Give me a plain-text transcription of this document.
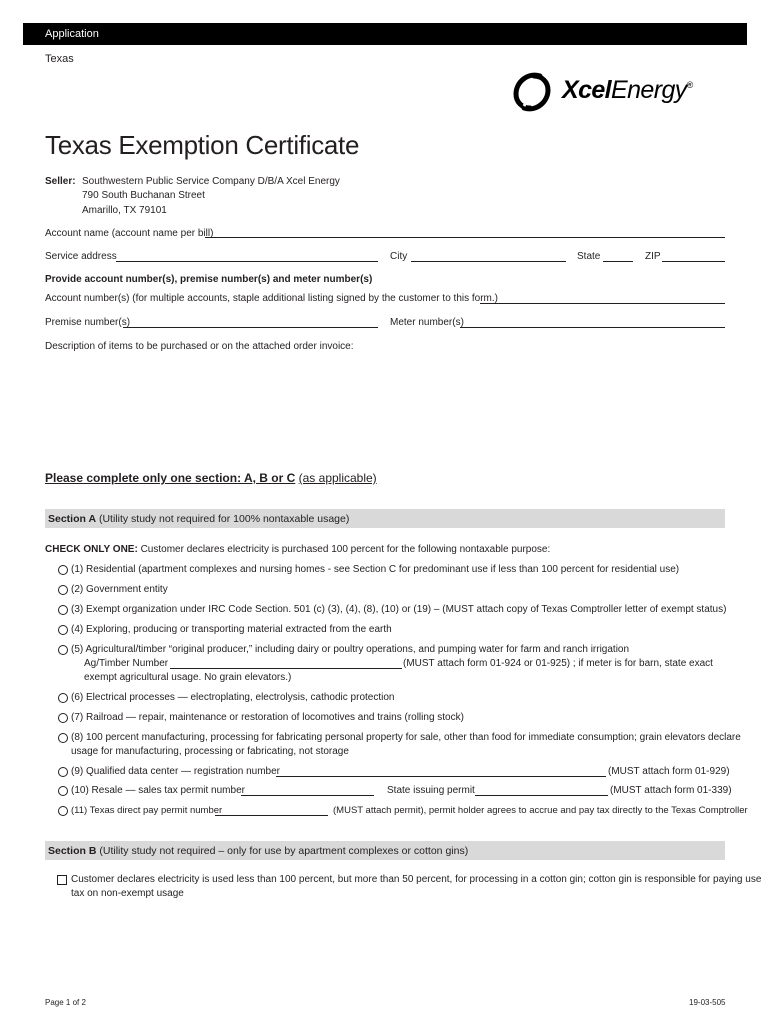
Application
Texas
XcelEnergy®
Texas Exemption Certificate
Seller: Southwestern Public Service Company D/B/A Xcel Energy
790 South Buchanan Street
Amarillo, TX 79101
Account name (account name per bill)
Service address	City	State	ZIP
Provide account number(s), premise number(s) and meter number(s)
Account number(s) (for multiple accounts, staple additional listing signed by the customer to this form.)
Premise number(s)	Meter number(s)
Description of items to be purchased or on the attached order invoice:
Please complete only one section: A, B or C (as applicable)
Section A (Utility study not required for 100% nontaxable usage)
CHECK ONLY ONE: Customer declares electricity is purchased 100 percent for the following nontaxable purpose:
(1) Residential (apartment complexes and nursing homes - see Section C for predominant use if less than 100 percent for residential use)
(2) Government entity
(3) Exempt organization under IRC Code Section. 501 (c) (3), (4), (8), (10) or (19) – (MUST attach copy of Texas Comptroller letter of exempt status)
(4) Exploring, producing or transporting material extracted from the earth
(5) Agricultural/timber “original producer,” including dairy or poultry operations, and pumping water for farm and ranch irrigation
Ag/Timber Number	(MUST attach form 01-924 or 01-925) ; if meter is for barn, state exact
exempt agricultural usage. No grain elevators.)
(6) Electrical processes — electroplating, electrolysis, cathodic protection
(7) Railroad — repair, maintenance or restoration of locomotives and trains (rolling stock)
(8) 100 percent manufacturing, processing for fabricating personal property for sale, other than food for immediate consumption; grain elevators declare
usage for manufacturing, processing or fabricating, not storage
(9) Qualified data center — registration number	(MUST attach form 01-929)
(10) Resale — sales tax permit number	State issuing permit	(MUST attach form 01-339)
(11) Texas direct pay permit number	(MUST attach permit), permit holder agrees to accrue and pay tax directly to the Texas Comptroller
Section B (Utility study not required – only for use by apartment complexes or cotton gins)
Customer declares electricity is used less than 100 percent, but more than 50 percent, for processing in a cotton gin; cotton gin is responsible for paying use
tax on non-exempt usage
Page 1 of 2	19-03-505
